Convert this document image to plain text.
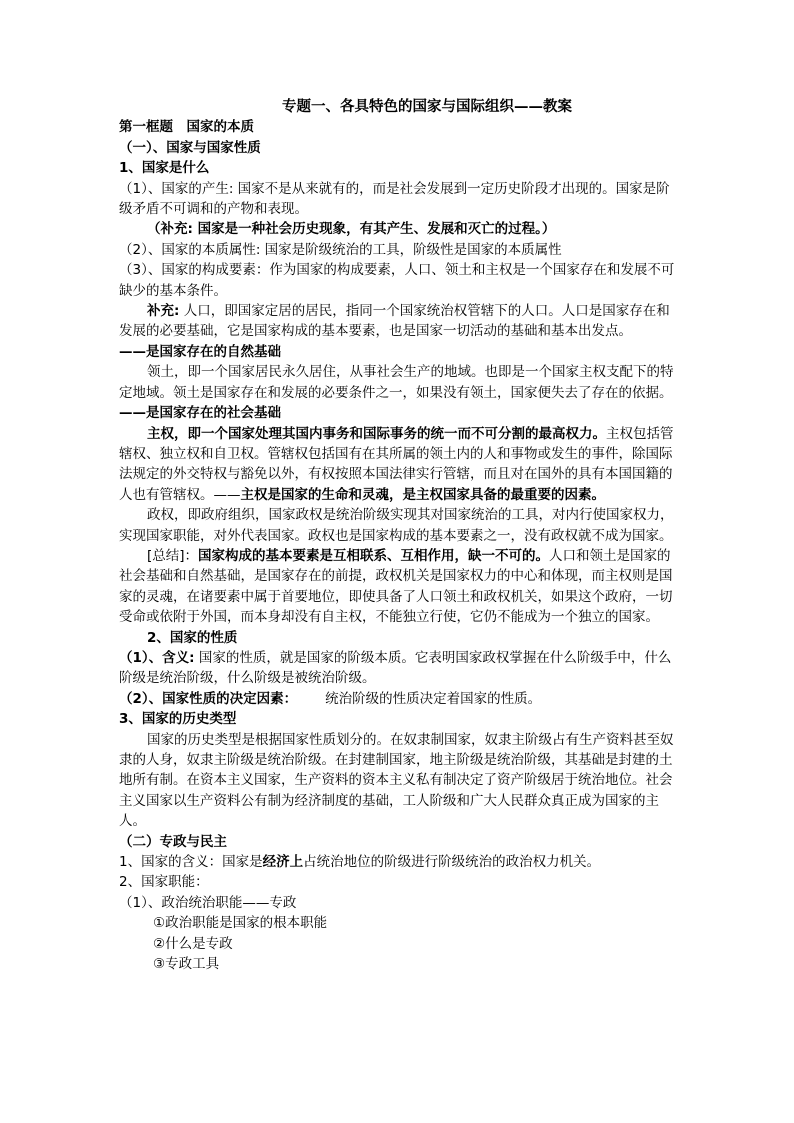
专题一、各具特色的国家与国际组织——教案

第一框题　国家的本质

（一）、国家与国家性质

1、国家是什么

（1）、国家的产生: 国家不是从来就有的，而是社会发展到一定历史阶段才出现的。国家是阶级矛盾不可调和的产物和表现。

（补充: 国家是一种社会历史现象，有其产生、发展和灭亡的过程。）

（2）、国家的本质属性: 国家是阶级统治的工具，阶级性是国家的本质属性

（3）、国家的构成要素：作为国家的构成要素，人口、领土和主权是一个国家存在和发展不可缺少的基本条件。

补充: 人口，即国家定居的居民，指同一个国家统治权管辖下的人口。人口是国家存在和发展的必要基础，它是国家构成的基本要素，也是国家一切活动的基础和基本出发点。

——是国家存在的自然基础

领土，即一个国家居民永久居住，从事社会生产的地域。也即是一个国家主权支配下的特定地域。领土是国家存在和发展的必要条件之一，如果没有领土，国家便失去了存在的依据。——是国家存在的社会基础

主权，即一个国家处理其国内事务和国际事务的统一而不可分割的最高权力。主权包括管辖权、独立权和自卫权。管辖权包括国有在其所属的领土内的人和事物或发生的事件，除国际法规定的外交特权与豁免以外，有权按照本国法律实行管辖，而且对在国外的具有本国国籍的人也有管辖权。——主权是国家的生命和灵魂，是主权国家具备的最重要的因素。

政权，即政府组织，国家政权是统治阶级实现其对国家统治的工具，对内行使国家权力，实现国家职能，对外代表国家。政权也是国家构成的基本要素之一，没有政权就不成为国家。

[总结]：国家构成的基本要素是互相联系、互相作用，缺一不可的。人口和领土是国家的社会基础和自然基础，是国家存在的前提，政权机关是国家权力的中心和体现，而主权则是国家的灵魂，在诸要素中属于首要地位，即使具备了人口领土和政权机关，如果这个政府，一切受命或依附于外国，而本身却没有自主权，不能独立行使，它仍不能成为一个独立的国家。

2、国家的性质

（1）、含义: 国家的性质，就是国家的阶级本质。它表明国家政权掌握在什么阶级手中，什么阶级是统治阶级，什么阶级是被统治阶级。

（2）、国家性质的决定因素： 统治阶级的性质决定着国家的性质。

3、国家的历史类型

国家的历史类型是根据国家性质划分的。在奴隶制国家，奴隶主阶级占有生产资料甚至奴隶的人身，奴隶主阶级是统治阶级。在封建制国家，地主阶级是统治阶级，其基础是封建的土地所有制。在资本主义国家，生产资料的资本主义私有制决定了资产阶级居于统治地位。社会主义国家以生产资料公有制为经济制度的基础，工人阶级和广大人民群众真正成为国家的主人。

（二）专政与民主

1、国家的含义：国家是经济上占统治地位的阶级进行阶级统治的政治权力机关。

2、国家职能：

（1）、政治统治职能——专政

①政治职能是国家的根本职能

②什么是专政

③专政工具
